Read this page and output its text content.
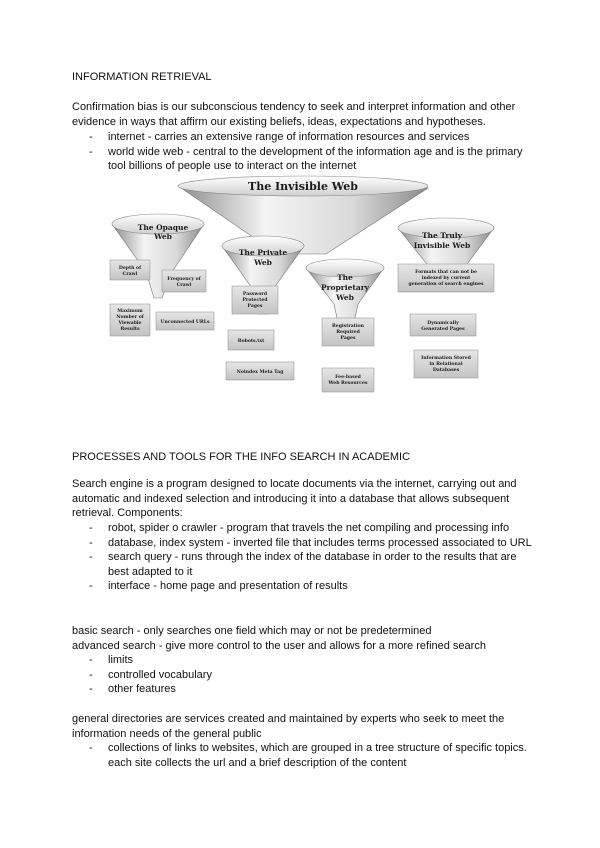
INFORMATION RETRIEVAL

Confirmation bias is our subconscious tendency to seek and interpret information and other evidence in ways that affirm our existing beliefs, ideas, expectations and hypotheses.

- internet - carries an extensive range of information resources and services
- world wide web - central to the development of the information age and is the primary tool billions of people use to interact on the internet
The Invisible Web
The Opaque
Web
Depth of
Crawl
Frequency of
Crawl
Maximum
Number of
Viewable
Results
Unconnected URLs
The Private
Web
Password
Protected
Pages
Robots.txt
Noindex Meta Tag
The
Proprietary
Web
Registration
Required
Pages
Fee-based
Web Resources
The Truly
Invisible Web
Formats that can not be
indexed by current
generation of search engines
Dynamically
Generated Pages
Information Stored
in Relational
Databases

PROCESSES AND TOOLS FOR THE INFO SEARCH IN ACADEMIC

Search engine is a program designed to locate documents via the internet, carrying out and automatic and indexed selection and introducing it into a database that allows subsequent retrieval. Components:

- robot, spider o crawler - program that travels the net compiling and processing info
- database, index system - inverted file that includes terms processed associated to URL
- search query - runs through the index of the database in order to the results that are best adapted to it
- interface - home page and presentation of results

basic search - only searches one field which may or not be predetermined

advanced search - give more control to the user and allows for a more refined search

- limits
- controlled vocabulary
- other features

general directories are services created and maintained by experts who seek to meet the information needs of the general public

- collections of links to websites, which are grouped in a tree structure of specific topics. each site collects the url and a brief description of the content
